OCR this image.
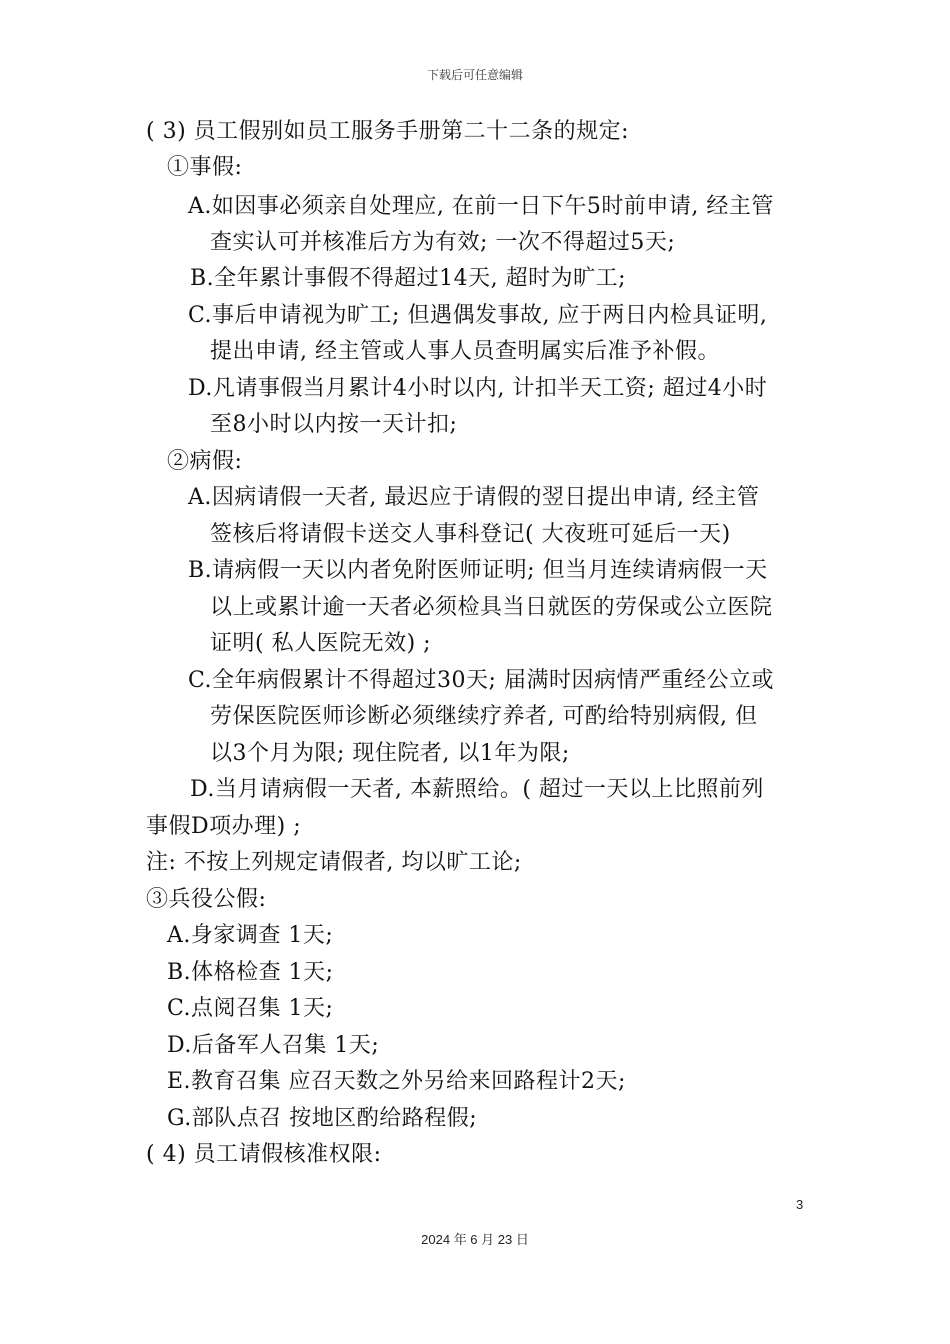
下载后可任意编辑
( 3) 员工假别如员工服务手册第二十二条的规定:
①事假:
A.如因事必须亲自处理应, 在前一日下午5时前申请, 经主管
查实认可并核准后方为有效; 一次不得超过5天;
B.全年累计事假不得超过14天, 超时为旷工;
C.事后申请视为旷工; 但遇偶发事故, 应于两日内检具证明,
提出申请, 经主管或人事人员查明属实后准予补假。
D.凡请事假当月累计4小时以内, 计扣半天工资; 超过4小时
至8小时以内按一天计扣;
②病假:
A.因病请假一天者, 最迟应于请假的翌日提出申请, 经主管
签核后将请假卡送交人事科登记( 大夜班可延后一天)
B.请病假一天以内者免附医师证明; 但当月连续请病假一天
以上或累计逾一天者必须检具当日就医的劳保或公立医院
证明( 私人医院无效) ;
C.全年病假累计不得超过30天; 届满时因病情严重经公立或
劳保医院医师诊断必须继续疗养者, 可酌给特别病假, 但
以3个月为限; 现住院者, 以1年为限;
D.当月请病假一天者, 本薪照给。( 超过一天以上比照前列
事假D项办理) ;
注: 不按上列规定请假者, 均以旷工论;
③兵役公假:
A.身家调查 1天;
B.体格检查 1天;
C.点阅召集 1天;
D.后备军人召集 1天;
E.教育召集 应召天数之外另给来回路程计2天;
G.部队点召 按地区酌给路程假;
( 4) 员工请假核准权限:
3
2024 年 6 月 23 日
